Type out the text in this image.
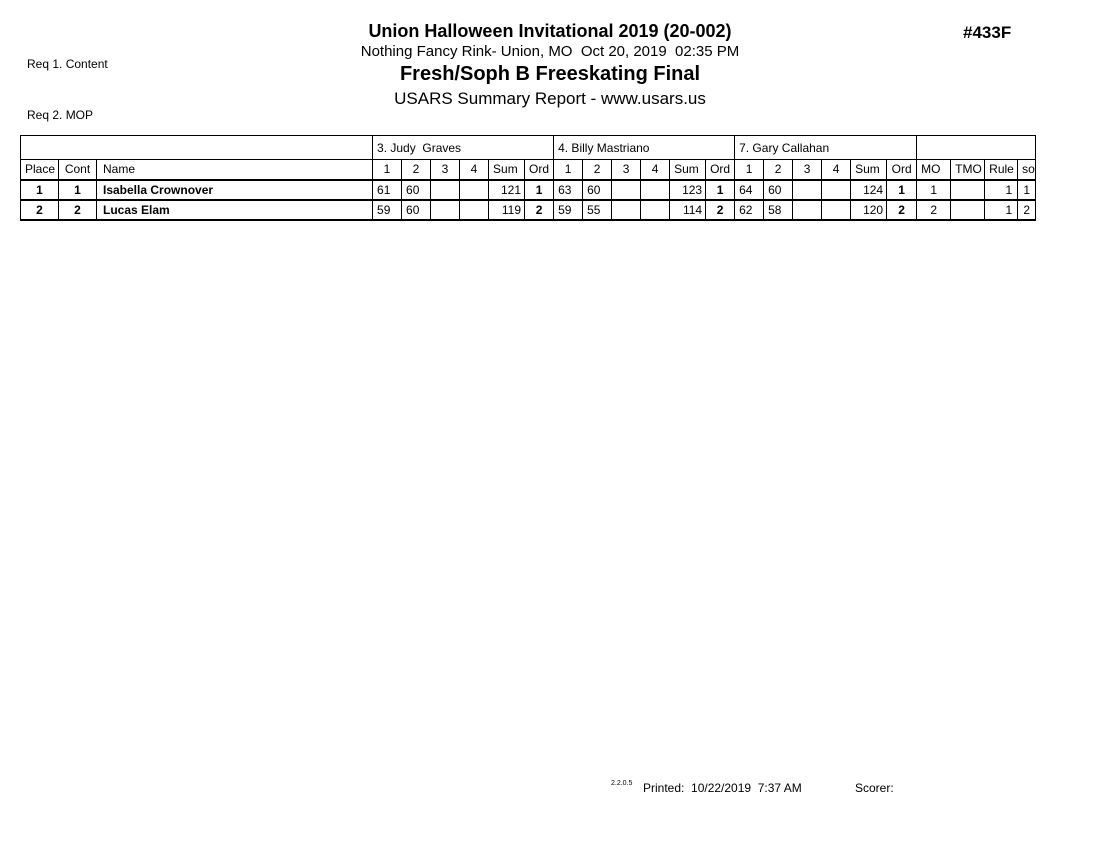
Req 1. Content

Req 2. MOP

Union Halloween Invitational 2019 (20-002)
Nothing Fancy Rink- Union, MO  Oct 20, 2019  02:35 PM
Fresh/Soph B Freeskating Final
USARS Summary Report - www.usars.us
#433F
			3. Judy  Graves						4. Billy Mastriano						7. Gary Callahan									
Place	Cont	Name	1	2	3	4	Sum	Ord	1	2	3	4	Sum	Ord	1	2	3	4	Sum	Ord	MO	TMO	Rule	so
1	1	Isabella Crownover	61	60			121	1	63	60			123	1	64	60			124	1	1		1	1
2	2	Lucas Elam	59	60			119	2	59	55			114	2	62	58			120	2	2		1	2
2.2.0.5 Printed:  10/22/2019  7:37 AM	Scorer:
